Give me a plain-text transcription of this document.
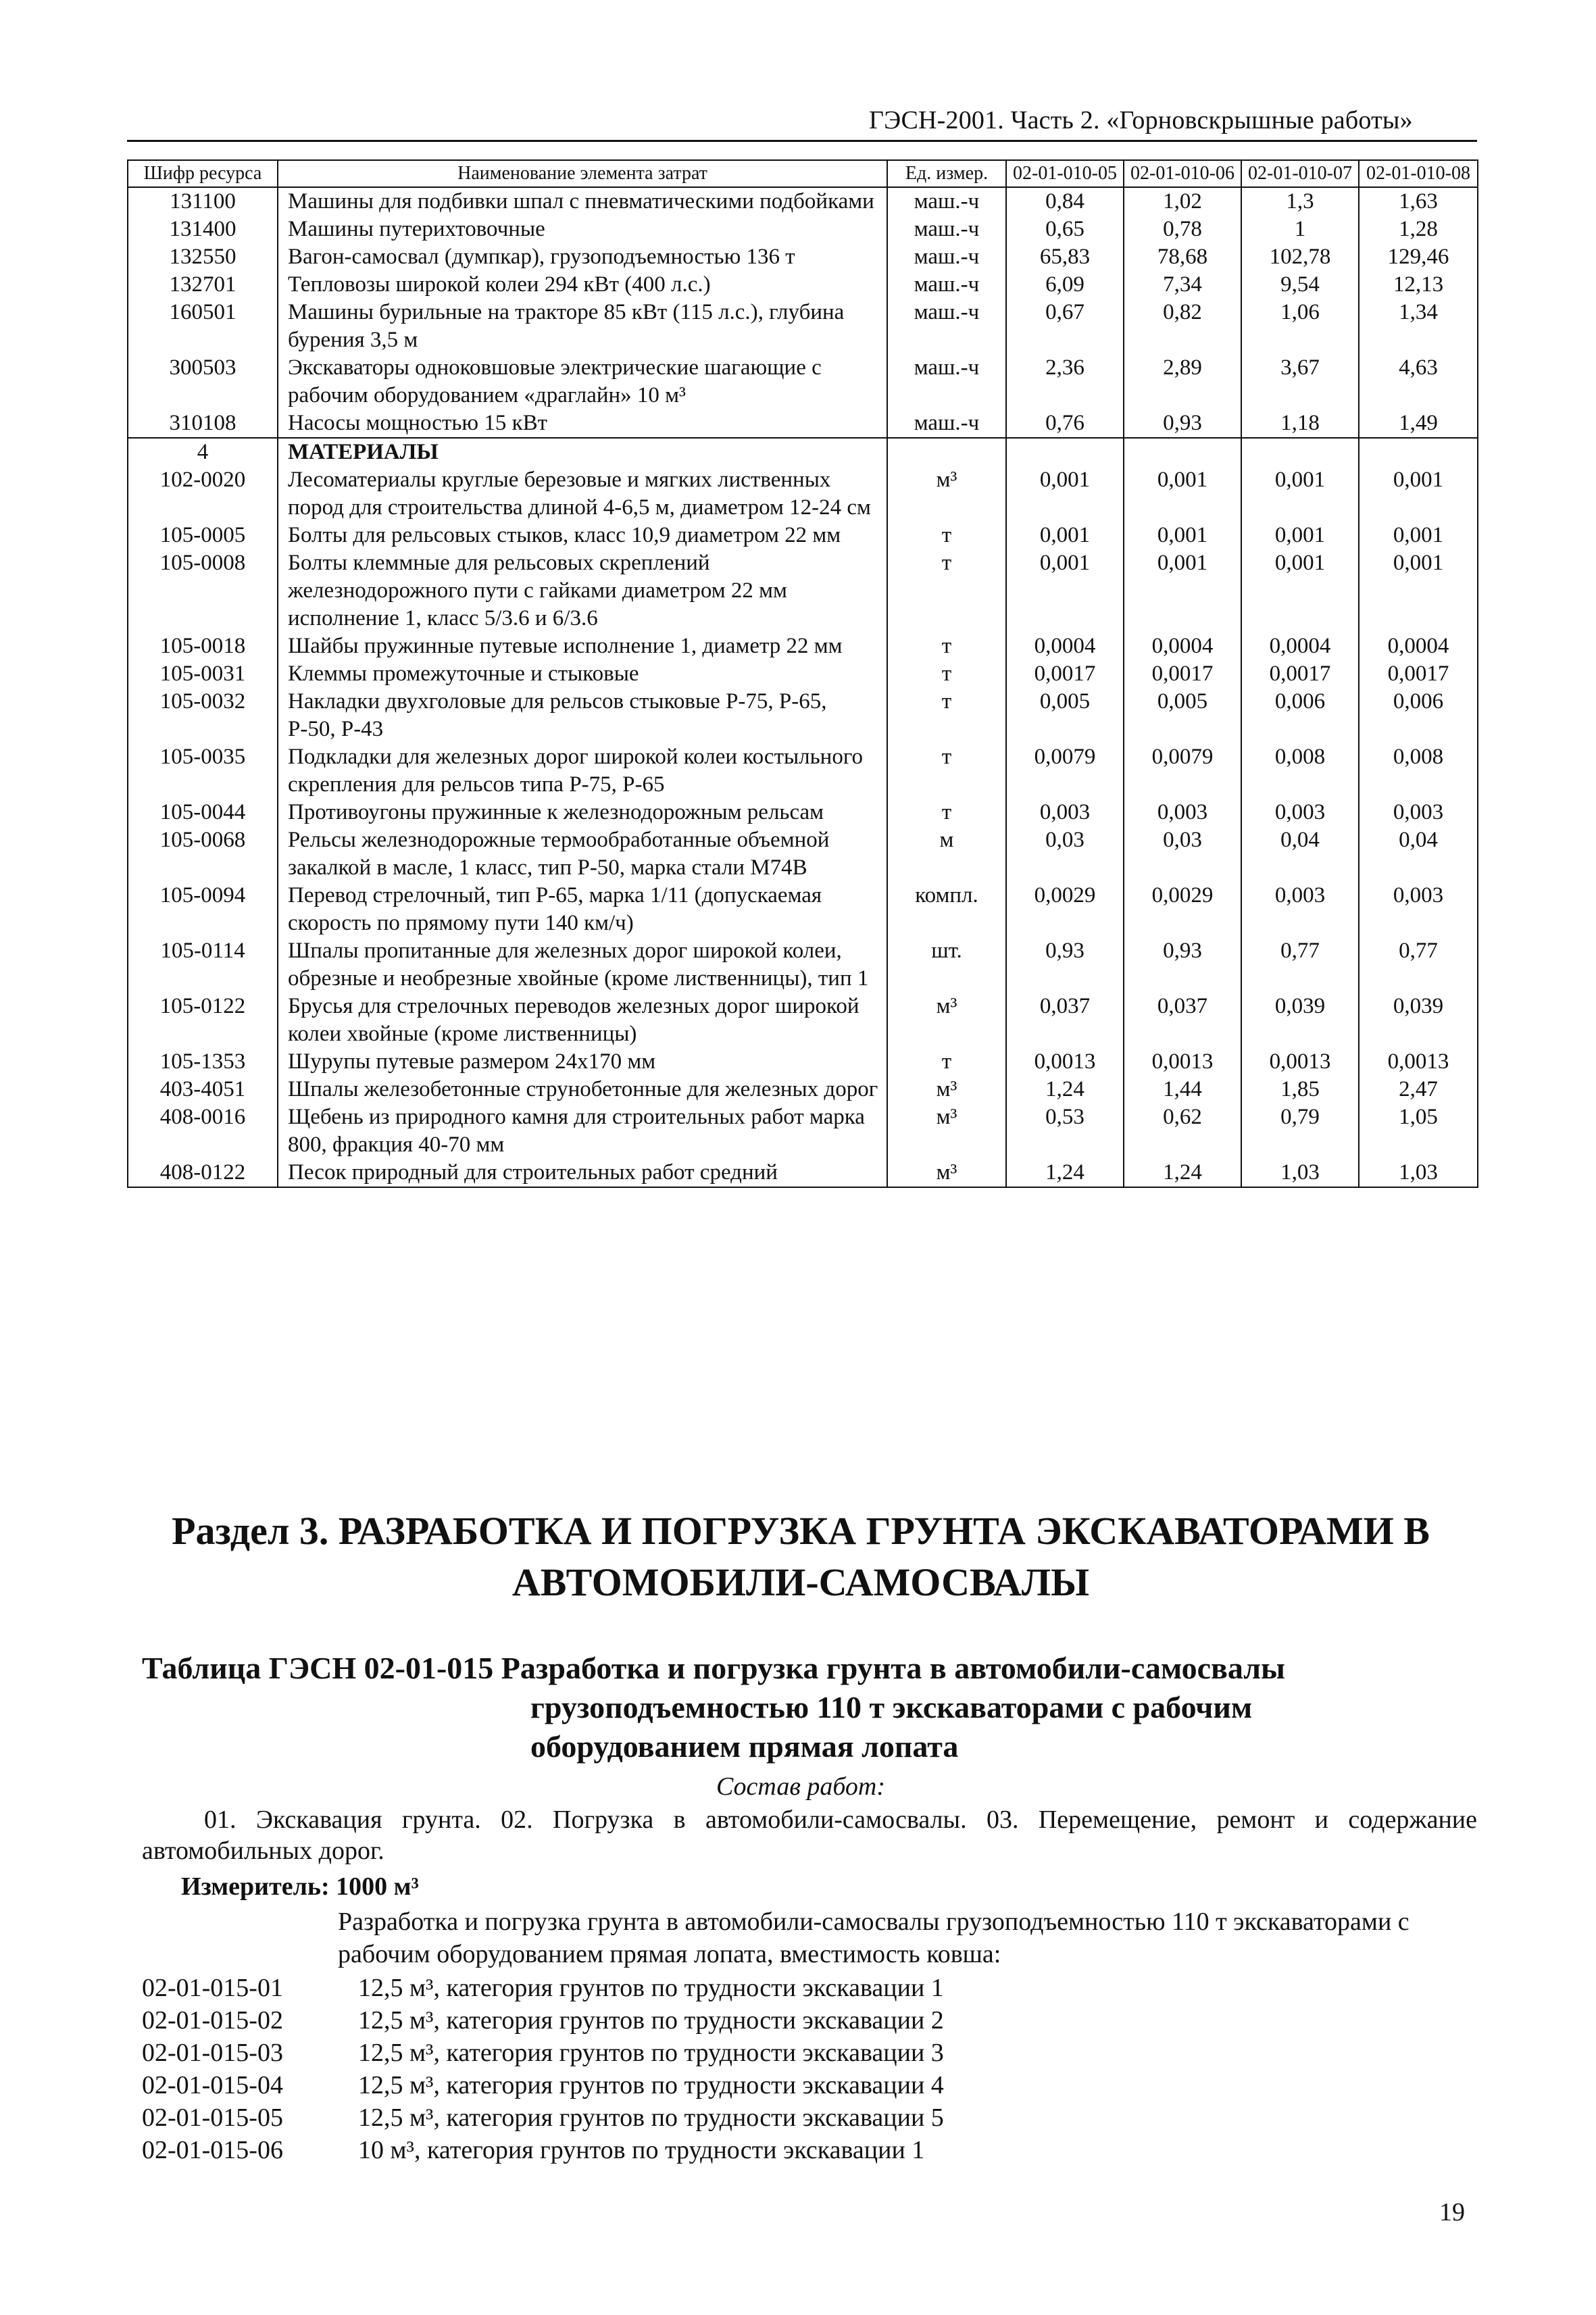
ГЭСН-2001. Часть 2. «Горновскрышные работы»
Шифр ресурса	Наименование элемента затрат	Ед. измер.	02-01-010-05	02-01-010-06	02-01-010-07	02-01-010-08
131100	Машины для подбивки шпал с пневматическими подбойками	маш.-ч	0,84	1,02	1,3	1,63
131400	Машины путерихтовочные	маш.-ч	0,65	0,78	1	1,28
132550	Вагон-самосвал (думпкар), грузоподъемностью 136 т	маш.-ч	65,83	78,68	102,78	129,46
132701	Тепловозы широкой колеи 294 кВт (400 л.с.)	маш.-ч	6,09	7,34	9,54	12,13
160501	Машины бурильные на тракторе 85 кВт (115 л.с.), глубина бурения 3,5 м	маш.-ч	0,67	0,82	1,06	1,34
300503	Экскаваторы одноковшовые электрические шагающие с рабочим оборудованием «драглайн» 10 м³	маш.-ч	2,36	2,89	3,67	4,63
310108	Насосы мощностью 15 кВт	маш.-ч	0,76	0,93	1,18	1,49
4	МАТЕРИАЛЫ					
102-0020	Лесоматериалы круглые березовые и мягких лиственных пород для строительства длиной 4-6,5 м, диаметром 12-24 см	м³	0,001	0,001	0,001	0,001
105-0005	Болты для рельсовых стыков, класс 10,9 диаметром 22 мм	т	0,001	0,001	0,001	0,001
105-0008	Болты клеммные для рельсовых скреплений железнодорожного пути с гайками диаметром 22 мм исполнение 1, класс 5/3.6 и 6/3.6	т	0,001	0,001	0,001	0,001
105-0018	Шайбы пружинные путевые исполнение 1, диаметр 22 мм	т	0,0004	0,0004	0,0004	0,0004
105-0031	Клеммы промежуточные и стыковые	т	0,0017	0,0017	0,0017	0,0017
105-0032	Накладки двухголовые для рельсов стыковые Р-75, Р-65, Р-50, Р-43	т	0,005	0,005	0,006	0,006
105-0035	Подкладки для железных дорог широкой колеи костыльного скрепления для рельсов типа Р-75, Р-65	т	0,0079	0,0079	0,008	0,008
105-0044	Противоугоны пружинные к железнодорожным рельсам	т	0,003	0,003	0,003	0,003
105-0068	Рельсы железнодорожные термообработанные объемной закалкой в масле, 1 класс, тип Р-50, марка стали М74В	м	0,03	0,03	0,04	0,04
105-0094	Перевод стрелочный, тип Р-65, марка 1/11 (допускаемая скорость по прямому пути 140 км/ч)	компл.	0,0029	0,0029	0,003	0,003
105-0114	Шпалы пропитанные для железных дорог широкой колеи, обрезные и необрезные хвойные (кроме лиственницы), тип 1	шт.	0,93	0,93	0,77	0,77
105-0122	Брусья для стрелочных переводов железных дорог широкой колеи хвойные (кроме лиственницы)	м³	0,037	0,037	0,039	0,039
105-1353	Шурупы путевые размером 24х170 мм	т	0,0013	0,0013	0,0013	0,0013
403-4051	Шпалы железобетонные струнобетонные для железных дорог	м³	1,24	1,44	1,85	2,47
408-0016	Щебень из природного камня для строительных работ марка 800, фракция 40-70 мм	м³	0,53	0,62	0,79	1,05
408-0122	Песок природный для строительных работ средний	м³	1,24	1,24	1,03	1,03
Раздел 3. РАЗРАБОТКА И ПОГРУЗКА ГРУНТА ЭКСКАВАТОРАМИ В АВТОМОБИЛИ-САМОСВАЛЫ
Таблица ГЭСН 02-01-015 Разработка и погрузка грунта в автомобили-самосвалы
грузоподъемностью 110 т экскаваторами с рабочим
оборудованием прямая лопата
Состав работ:
01. Экскавация грунта. 02. Погрузка в автомобили-самосвалы. 03. Перемещение, ремонт и содержание автомобильных дорог.
Измеритель: 1000 м³
Разработка и погрузка грунта в автомобили-самосвалы грузоподъемностью 110 т экскаваторами с рабочим оборудованием прямая лопата, вместимость ковша:
02-01-015-01	12,5 м³, категория грунтов по трудности экскавации 1
02-01-015-02	12,5 м³, категория грунтов по трудности экскавации 2
02-01-015-03	12,5 м³, категория грунтов по трудности экскавации 3
02-01-015-04	12,5 м³, категория грунтов по трудности экскавации 4
02-01-015-05	12,5 м³, категория грунтов по трудности экскавации 5
02-01-015-06	10 м³, категория грунтов по трудности экскавации 1
19
